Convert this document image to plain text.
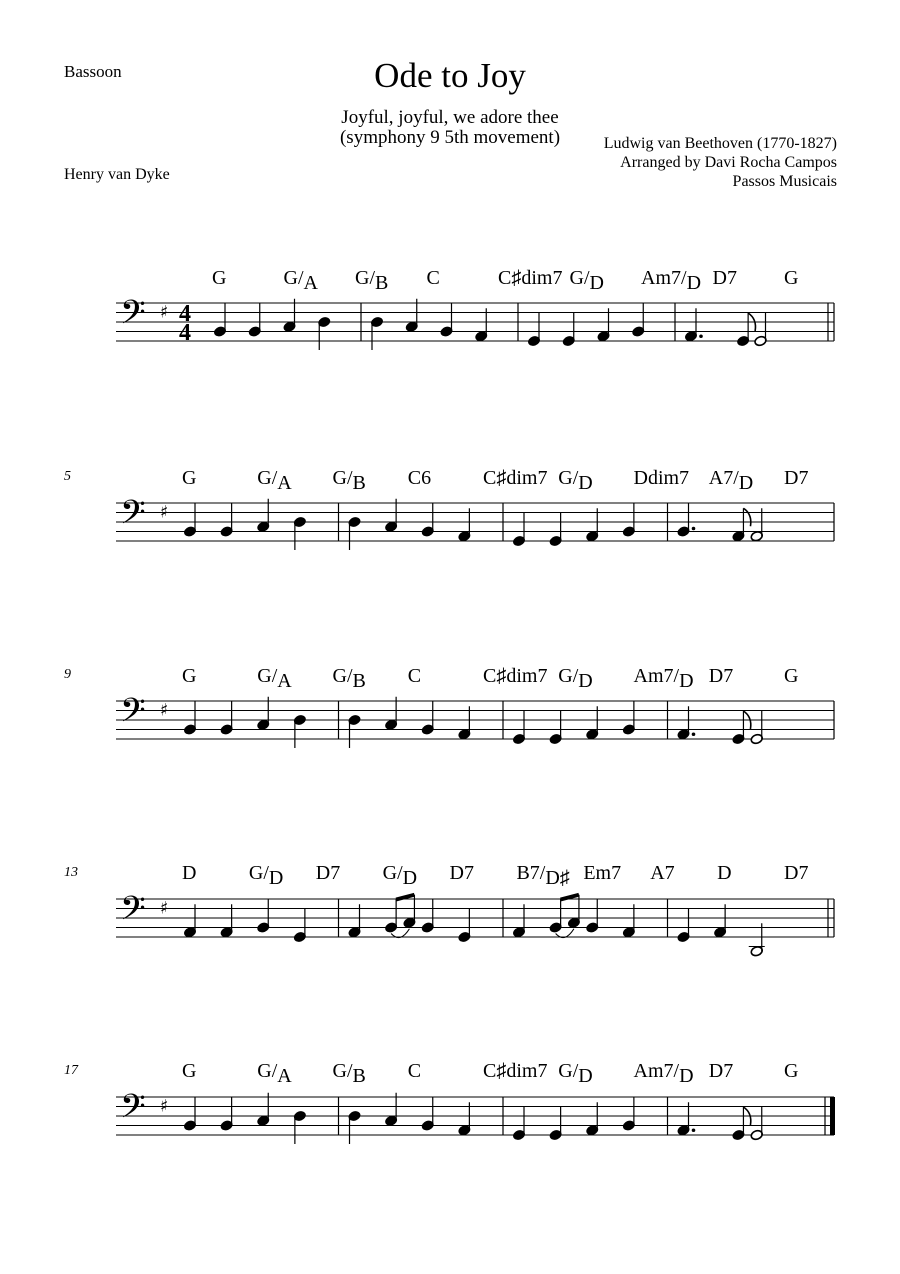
Bassoon	Ode to Joy
Joyful, joyful, we adore thee
(symphony 9 5th movement)
Henry van Dyke
Ludwig van Beethoven (1770-1827)
Arranged by Davi Rocha Campos
Passos Musicais
𝄢 ♯ 4
4
G	G/A G/B C	C♯dim7 G/D Am7/D D7 G
𝄢 ♯
5	G	G/A G/B C6	C♯dim7 G/D Ddim7 A7/D D7
𝄢 ♯
9	G	G/A G/B C	C♯dim7 G/D Am7/D D7	G
𝄢 ♯
13	D	G/D D7 G/D D7 B7/D♯ Em7 A7 D	D7
𝄢 ♯
17	G	G/A G/B C	C♯dim7 G/D Am7/D D7	G
